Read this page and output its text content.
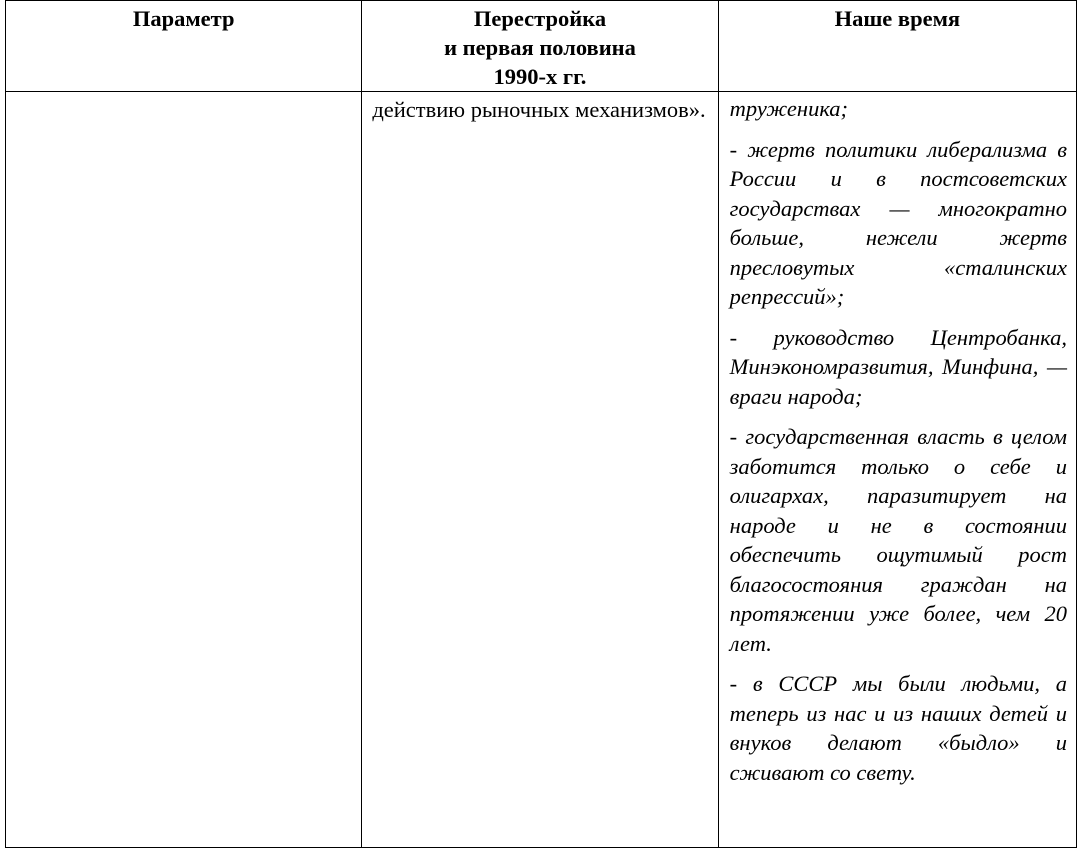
Параметр	Перестройка
и первая половина
1990-х гг.	Наше время

	действию рыночных механизмов».	труженика;
- жертв политики либерализма в России и в постсоветских государствах — многократно больше, нежели жертв пресловутых «сталинских репрессий»;
- руководство Центробанка, Минэкономразвития, Минфина, — враги народа;
- государственная власть в целом заботится только о себе и олигархах, паразитирует на народе и не в состоянии обеспечить ощутимый рост благосостояния граждан на протяжении уже более, чем 20 лет.
- в СССР мы были людьми, а теперь из нас и из наших детей и внуков делают «быдло» и сживают со свету.
